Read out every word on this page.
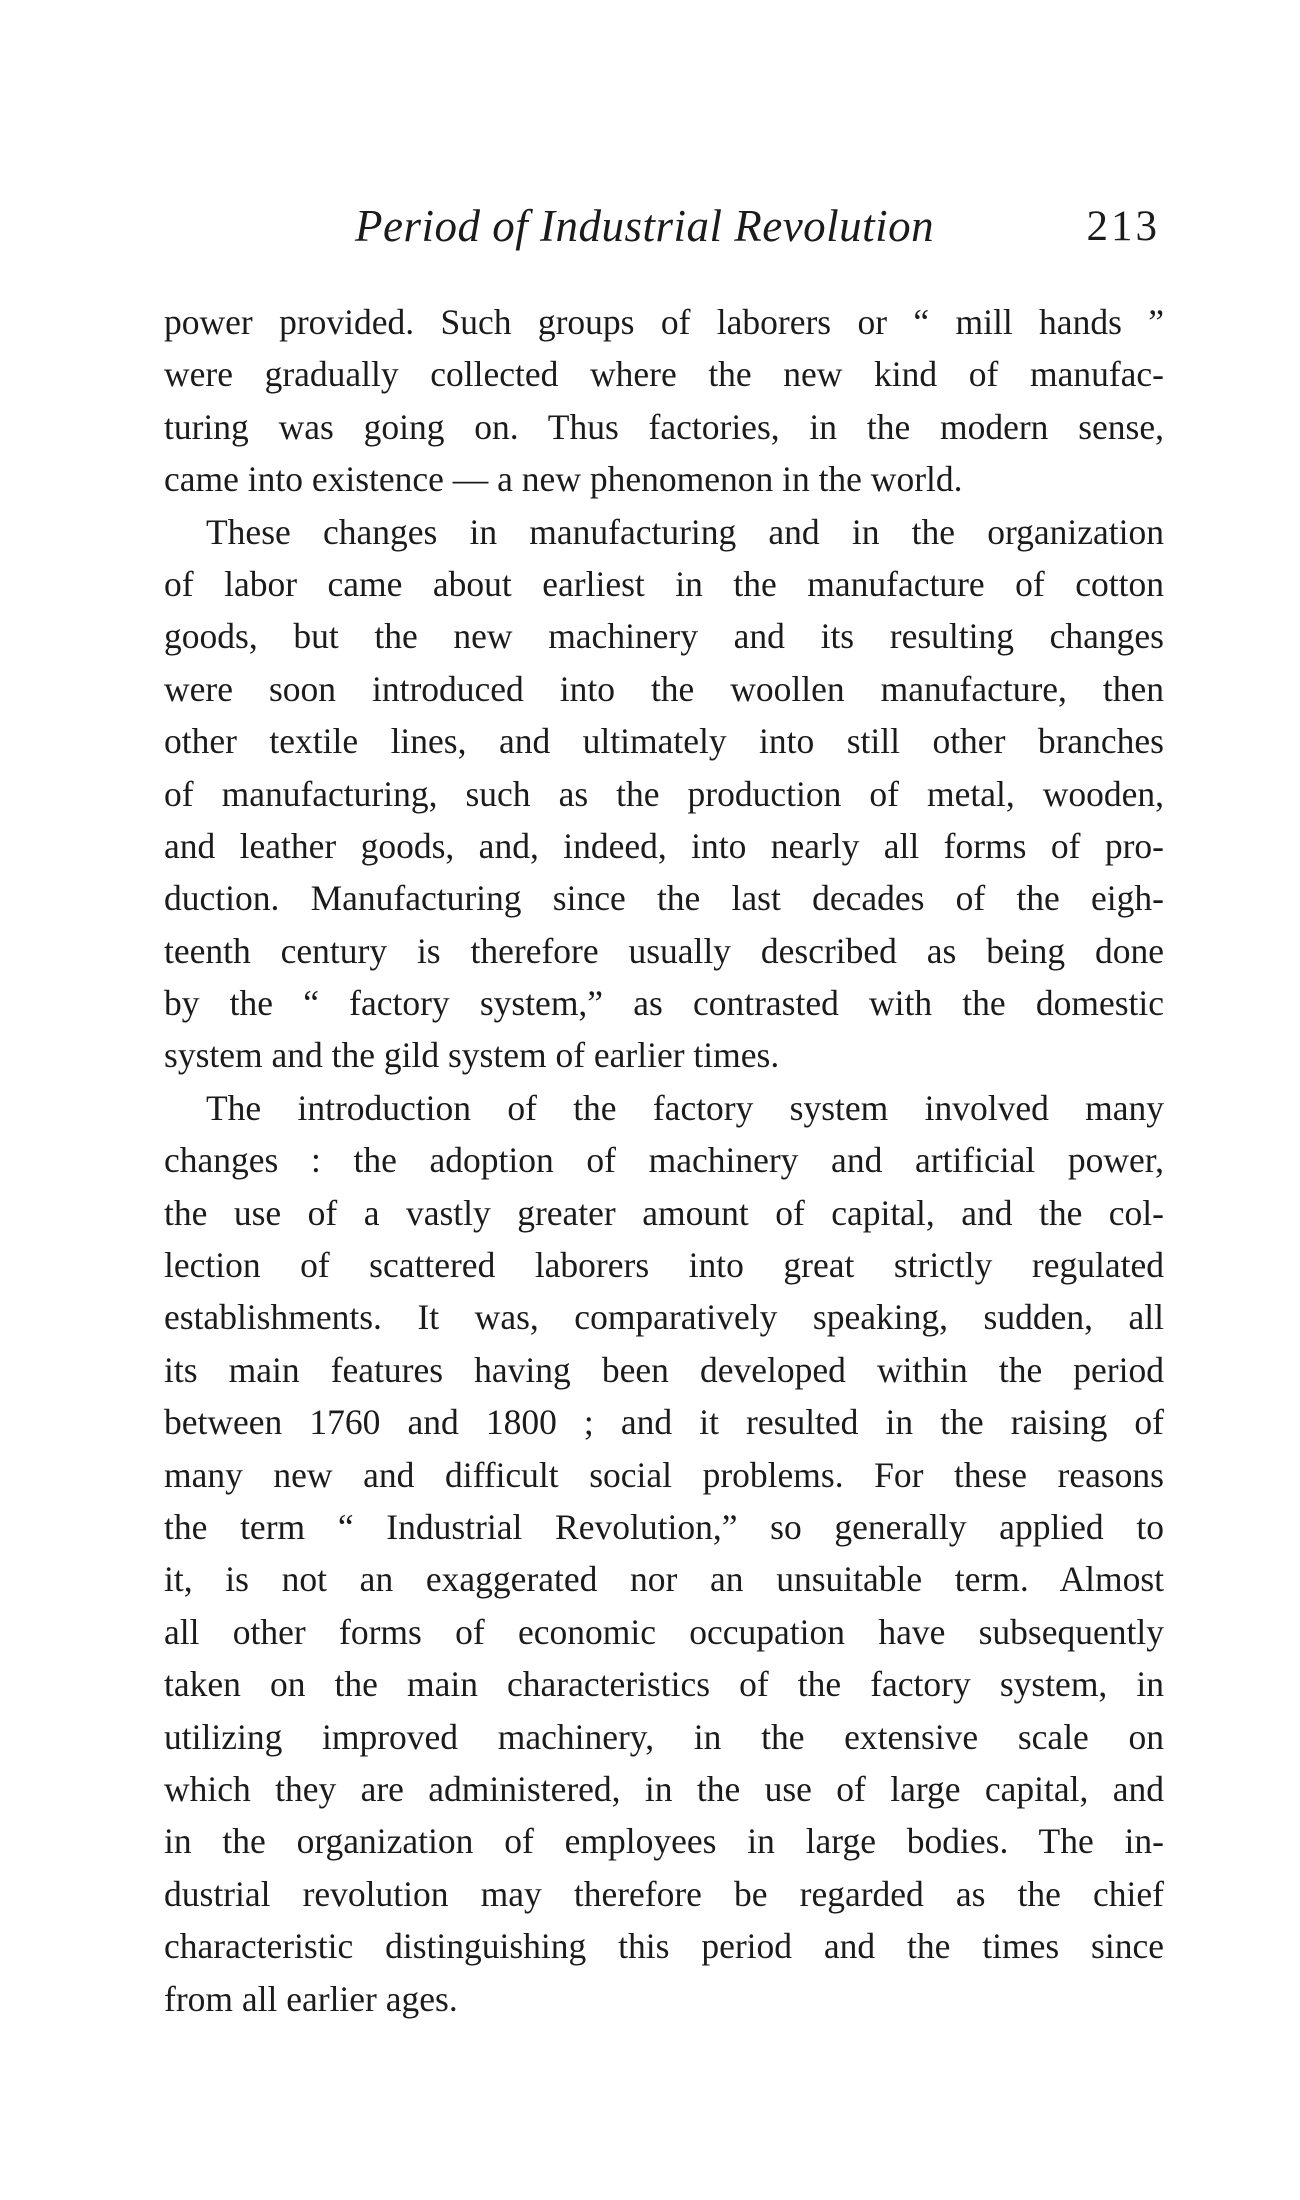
Period of Industrial Revolution	213
power provided. Such groups of laborers or “ mill hands ”
were gradually collected where the new kind of manufac-
turing was going on. Thus factories, in the modern sense,
came into existence — a new phenomenon in the world.
These changes in manufacturing and in the organization
of labor came about earliest in the manufacture of cotton
goods, but the new machinery and its resulting changes
were soon introduced into the woollen manufacture, then
other textile lines, and ultimately into still other branches
of manufacturing, such as the production of metal, wooden,
and leather goods, and, indeed, into nearly all forms of pro-
duction. Manufacturing since the last decades of the eigh-
teenth century is therefore usually described as being done
by the “ factory system,” as contrasted with the domestic
system and the gild system of earlier times.
The introduction of the factory system involved many
changes : the adoption of machinery and artificial power,
the use of a vastly greater amount of capital, and the col-
lection of scattered laborers into great strictly regulated
establishments. It was, comparatively speaking, sudden, all
its main features having been developed within the period
between 1760 and 1800 ; and it resulted in the raising of
many new and difficult social problems. For these reasons
the term “ Industrial Revolution,” so generally applied to
it, is not an exaggerated nor an unsuitable term. Almost
all other forms of economic occupation have subsequently
taken on the main characteristics of the factory system, in
utilizing improved machinery, in the extensive scale on
which they are administered, in the use of large capital, and
in the organization of employees in large bodies. The in-
dustrial revolution may therefore be regarded as the chief
characteristic distinguishing this period and the times since
from all earlier ages.
